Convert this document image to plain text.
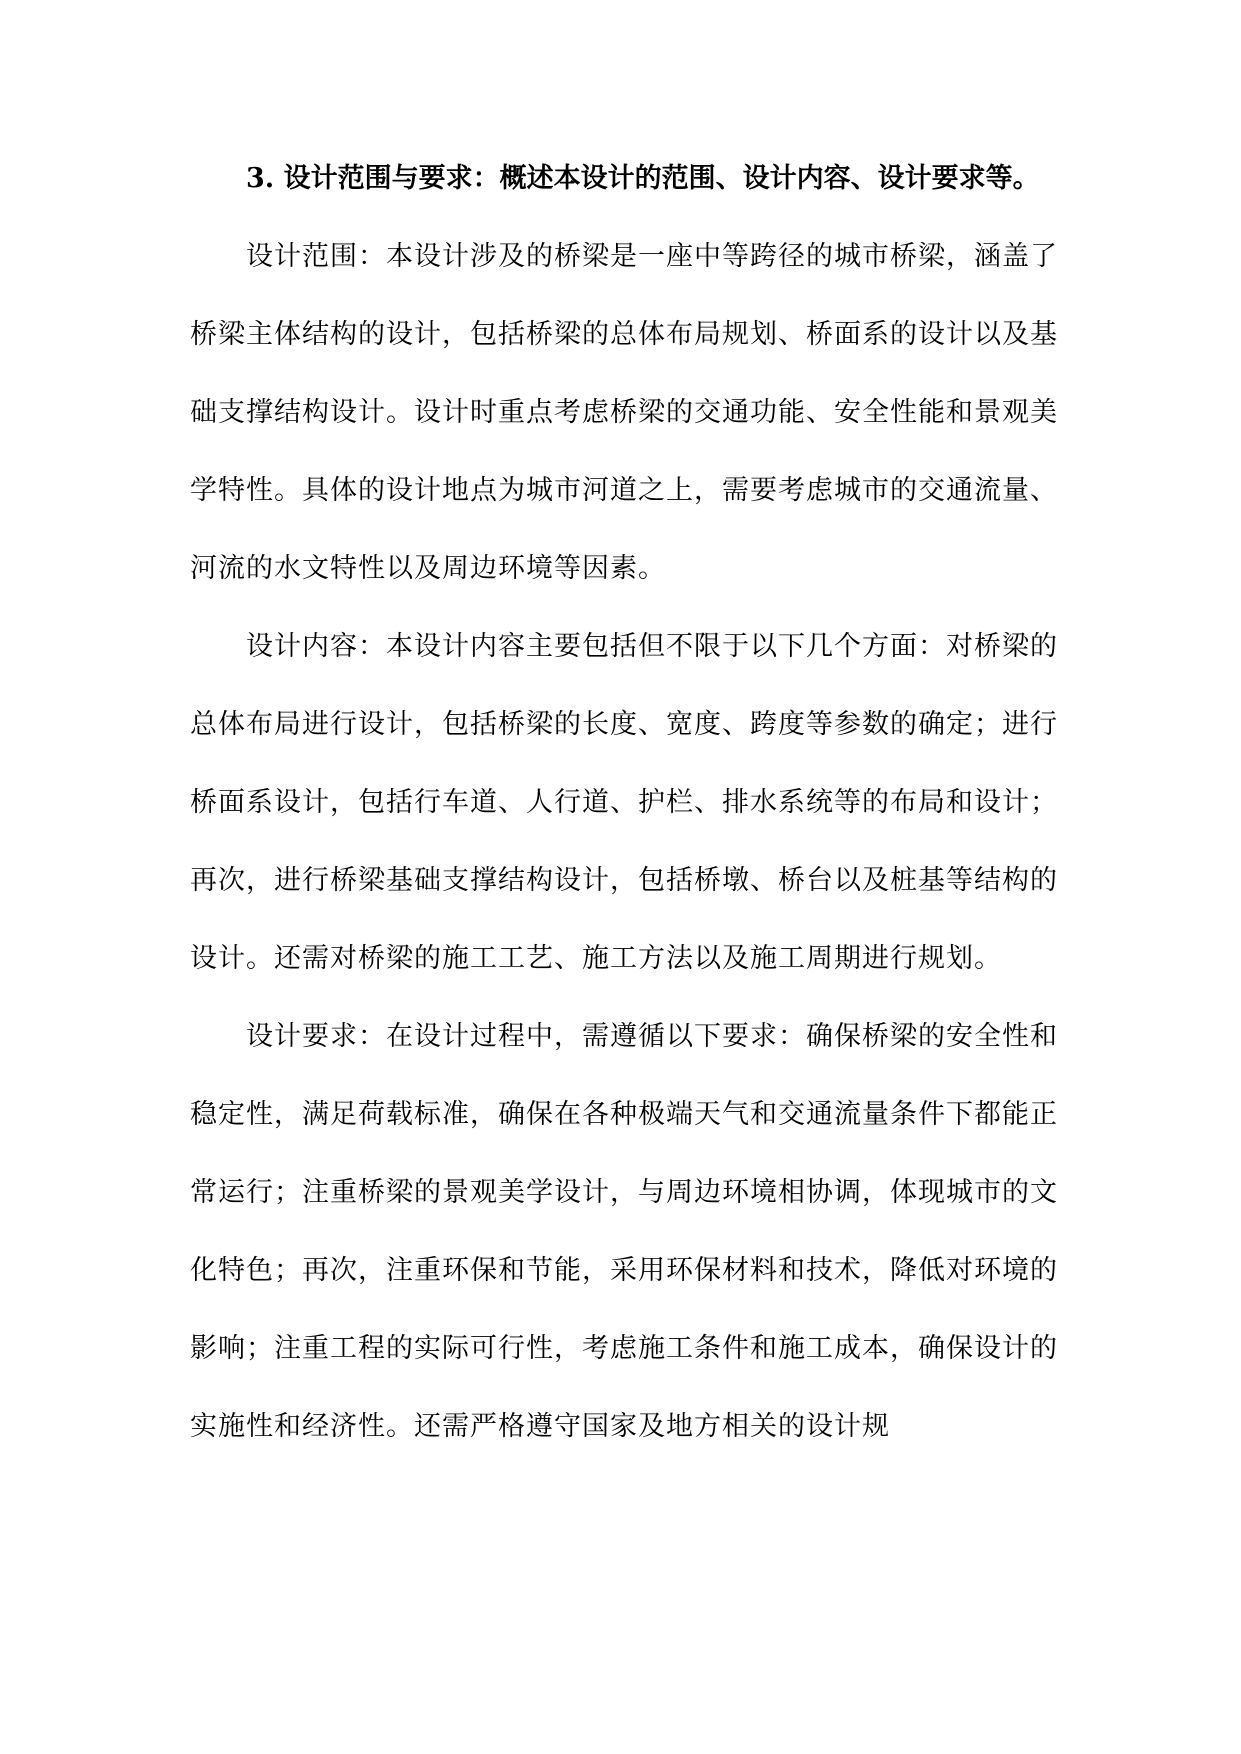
3. 设计范围与要求：概述本设计的范围、设计内容、设计要求等。

设计范围：本设计涉及的桥梁是一座中等跨径的城市桥梁，涵盖了桥梁主体结构的设计，包括桥梁的总体布局规划、桥面系的设计以及基础支撑结构设计。设计时重点考虑桥梁的交通功能、安全性能和景观美学特性。具体的设计地点为城市河道之上，需要考虑城市的交通流量、河流的水文特性以及周边环境等因素。

设计内容：本设计内容主要包括但不限于以下几个方面：对桥梁的总体布局进行设计，包括桥梁的长度、宽度、跨度等参数的确定；进行桥面系设计，包括行车道、人行道、护栏、排水系统等的布局和设计；再次，进行桥梁基础支撑结构设计，包括桥墩、桥台以及桩基等结构的设计。还需对桥梁的施工工艺、施工方法以及施工周期进行规划。

设计要求：在设计过程中，需遵循以下要求：确保桥梁的安全性和稳定性，满足荷载标准，确保在各种极端天气和交通流量条件下都能正常运行；注重桥梁的景观美学设计，与周边环境相协调，体现城市的文化特色；再次，注重环保和节能，采用环保材料和技术，降低对环境的影响；注重工程的实际可行性，考虑施工条件和施工成本，确保设计的实施性和经济性。还需严格遵守国家及地方相关的设计规
